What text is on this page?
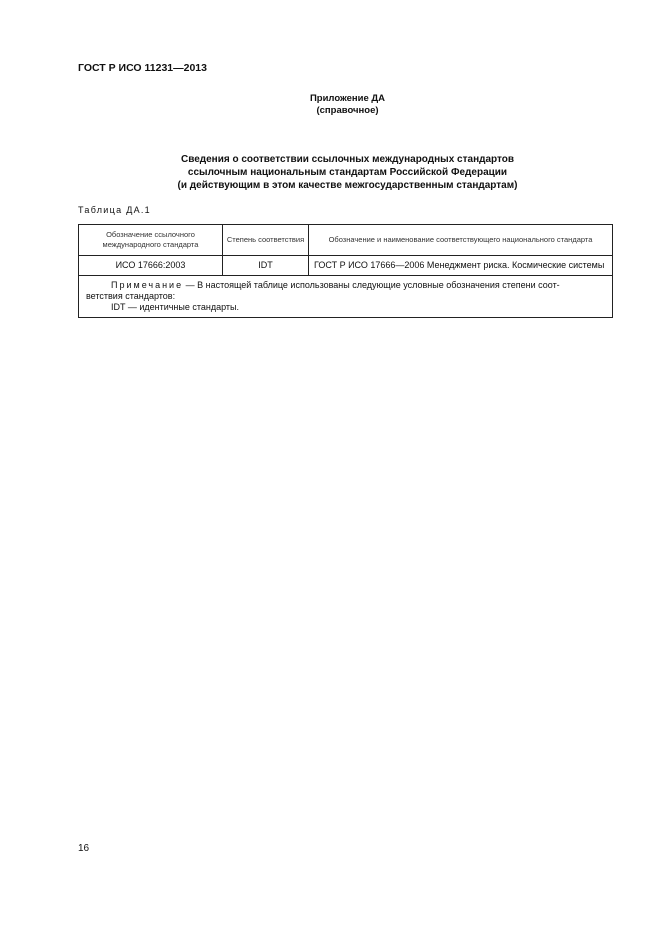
ГОСТ Р ИСО 11231—2013
Приложение ДА
(справочное)
Сведения о соответствии ссылочных международных стандартов
ссылочным национальным стандартам Российской Федерации
(и действующим в этом качестве межгосударственным стандартам)
Таблица ДА.1
Обозначение ссылочного международного стандарта	Степень соответствия	Обозначение и наименование соответствующего национального стандарта
ИСО 17666:2003	IDT	ГОСТ Р ИСО 17666—2006 Менеджмент риска. Космические системы

Примечание — В настоящей таблице использованы следующие условные обозначения степени соот-
ветствия стандартов:
IDT — идентичные стандарты.		
16
